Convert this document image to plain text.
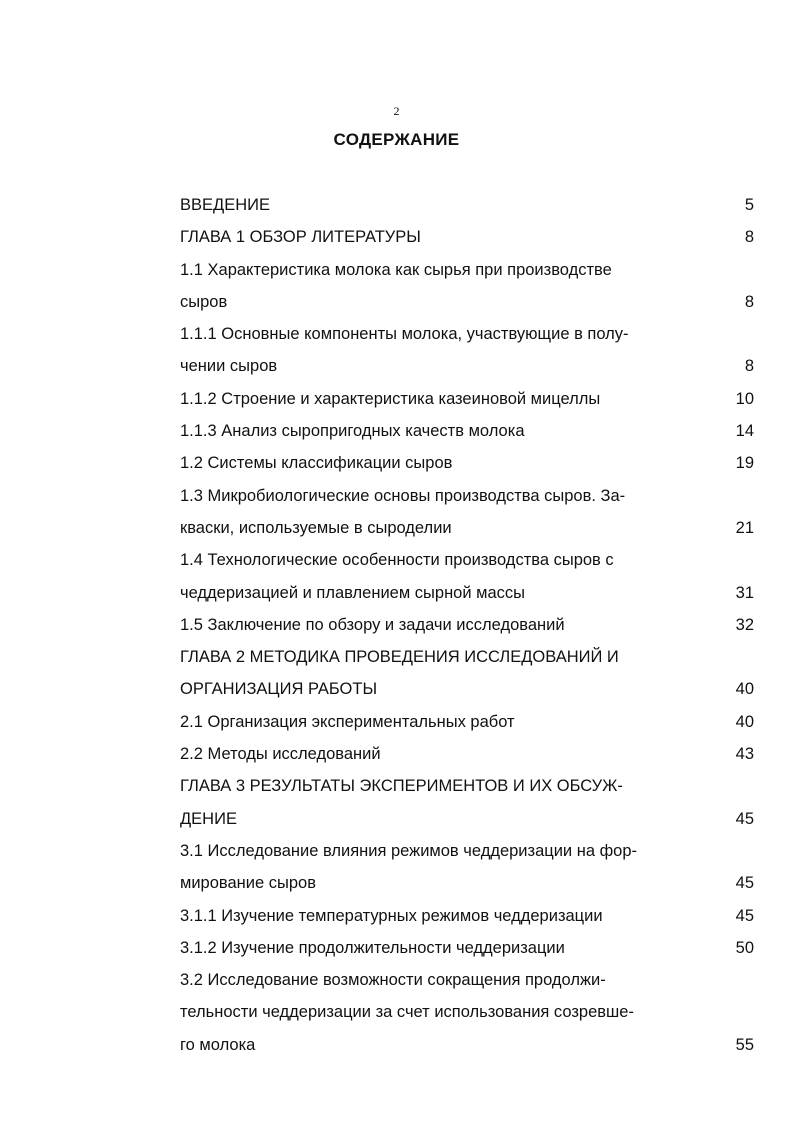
2
СОДЕРЖАНИЕ
ВВЕДЕНИЕ	5
ГЛАВА 1 ОБЗОР ЛИТЕРАТУРЫ	8
1.1 Характеристика молока как сырья при производстве
сыров	8
1.1.1 Основные компоненты молока, участвующие в полу-
чении сыров	8
1.1.2 Строение и характеристика казеиновой мицеллы	10
1.1.3 Анализ сыропригодных качеств молока	14
1.2 Системы классификации сыров	19
1.3 Микробиологические основы производства сыров. За-
кваски, используемые в сыроделии	21
1.4 Технологические особенности производства сыров с
чеддеризацией и плавлением сырной массы	31
1.5 Заключение по обзору и задачи исследований	32
ГЛАВА 2 МЕТОДИКА ПРОВЕДЕНИЯ ИССЛЕДОВАНИЙ И
ОРГАНИЗАЦИЯ РАБОТЫ	40
2.1 Организация экспериментальных работ	40
2.2 Методы исследований	43
ГЛАВА 3 РЕЗУЛЬТАТЫ ЭКСПЕРИМЕНТОВ И ИХ ОБСУЖ-
ДЕНИЕ	45
3.1 Исследование влияния режимов чеддеризации на фор-
мирование сыров	45
3.1.1 Изучение температурных режимов чеддеризации	45
3.1.2 Изучение продолжительности чеддеризации	50
3.2 Исследование возможности сокращения продолжи-
тельности чеддеризации за счет использования созревше-
го молока	55
